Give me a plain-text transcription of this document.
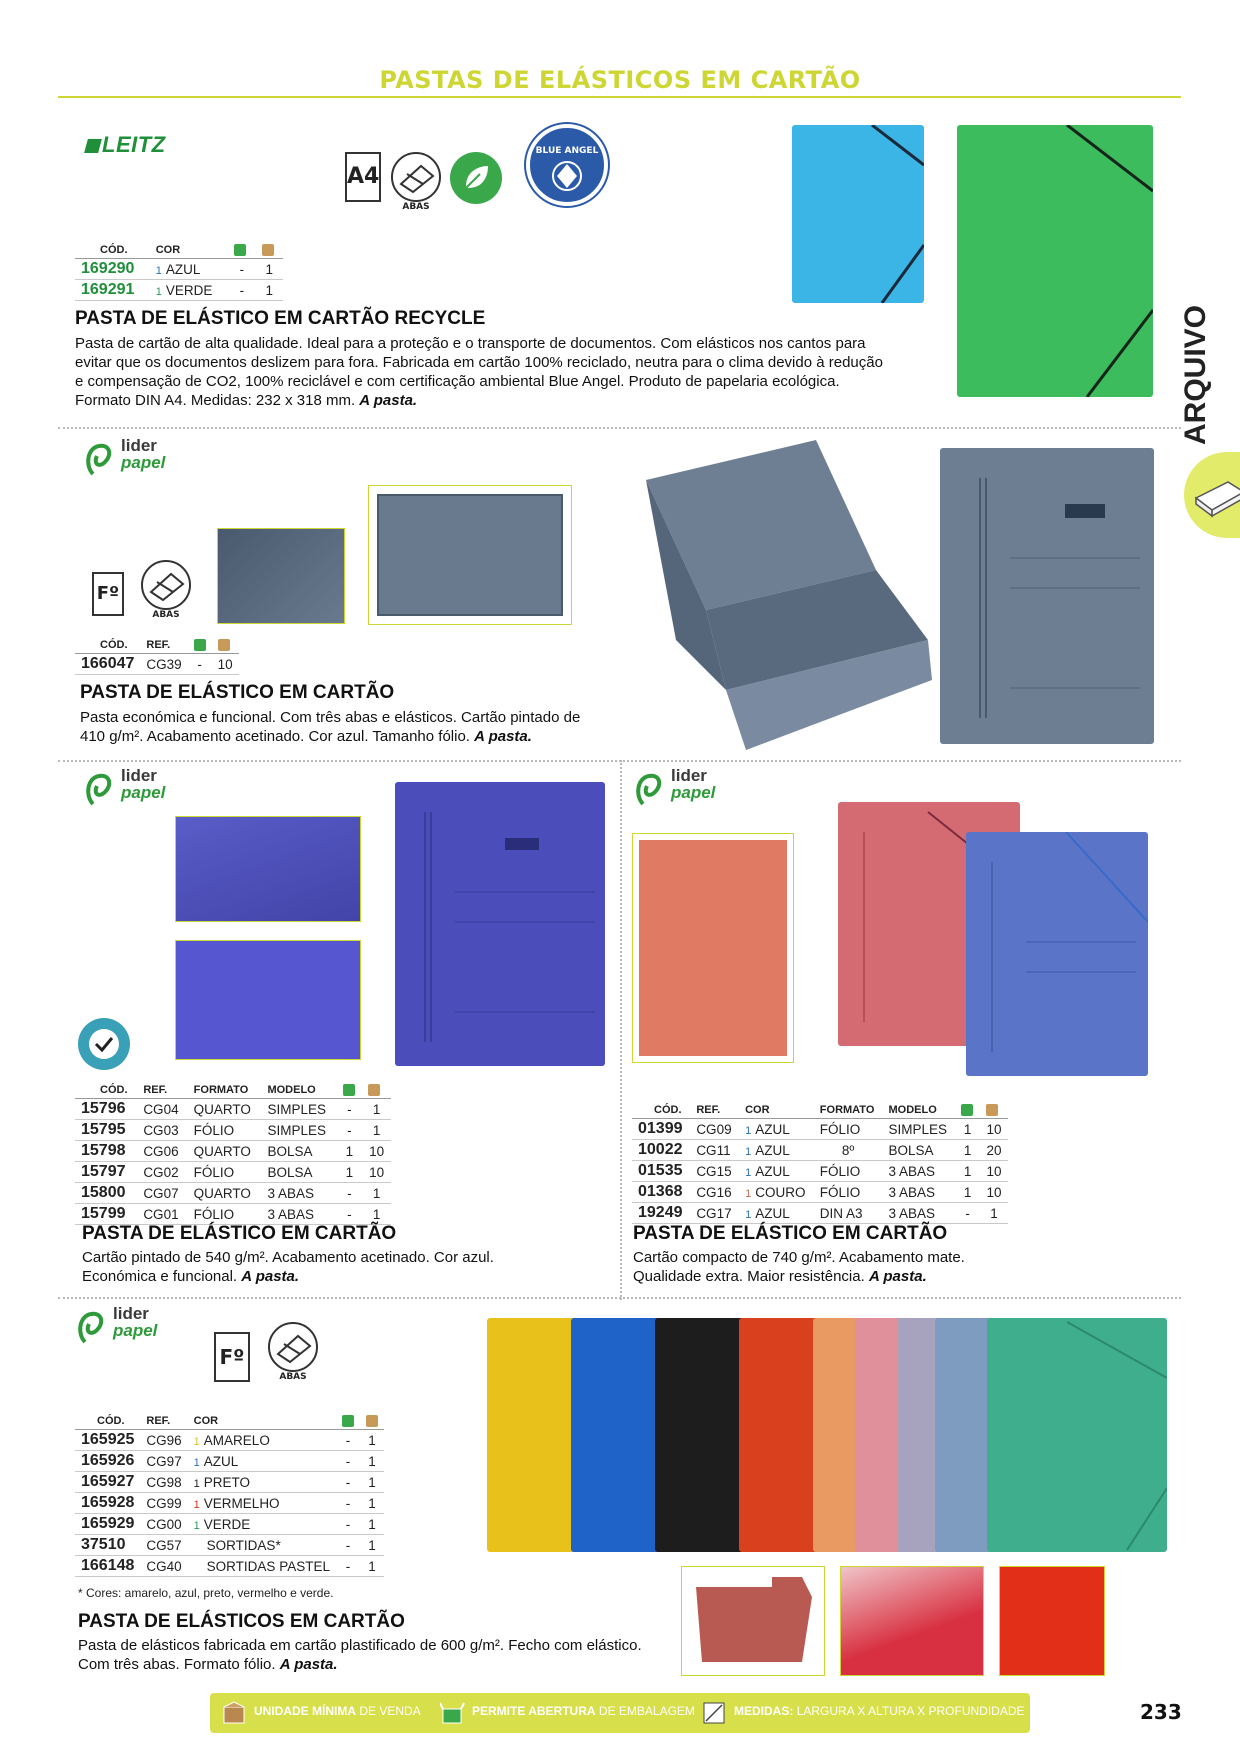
PASTAS DE ELÁSTICOS EM CARTÃO
ARQUIVO
LEITZ
A4
ABAS
BLUE ANGEL
CÓD.	COR		
169290	1 AZUL	-	1
169291	1 VERDE	-	1
PASTA DE ELÁSTICO EM CARTÃO RECYCLE
Pasta de cartão de alta qualidade. Ideal para a proteção e o transporte de documentos. Com elásticos nos cantos para
evitar que os documentos deslizem para fora. Fabricada em cartão 100% reciclado, neutra para o clima devido à redução
e compensação de CO2, 100% reciclável e com certificação ambiental Blue Angel. Produto de papelaria ecológica.
Formato DIN A4. Medidas: 232 x 318 mm. A pasta.
lider
papel
Fº
ABAS
CÓD.	REF.		
166047	CG39	-	10
PASTA DE ELÁSTICO EM CARTÃO
Pasta económica e funcional. Com três abas e elásticos. Cartão pintado de
410 g/m². Acabamento acetinado. Cor azul. Tamanho fólio. A pasta.
lider
papel
CÓD.	REF.	FORMATO	MODELO		
15796	CG04	QUARTO	SIMPLES	-	1
15795	CG03	FÓLIO	SIMPLES	-	1
15798	CG06	QUARTO	BOLSA	1	10
15797	CG02	FÓLIO	BOLSA	1	10
15800	CG07	QUARTO	3 ABAS	-	1
15799	CG01	FÓLIO	3 ABAS	-	1
PASTA DE ELÁSTICO EM CARTÃO
Cartão pintado de 540 g/m². Acabamento acetinado. Cor azul.
Económica e funcional. A pasta.
lider
papel
CÓD.	REF.	COR	FORMATO	MODELO		
01399	CG09	1 AZUL	FÓLIO	SIMPLES	1	10
10022	CG11	1 AZUL	8º	BOLSA	1	20
01535	CG15	1 AZUL	FÓLIO	3 ABAS	1	10
01368	CG16	1 COURO	FÓLIO	3 ABAS	1	10
19249	CG17	1 AZUL	DIN A3	3 ABAS	-	1
PASTA DE ELÁSTICO EM CARTÃO
Cartão compacto de 740 g/m². Acabamento mate.
Qualidade extra. Maior resistência. A pasta.
lider
papel
Fº
ABAS
CÓD.	REF.	COR		
165925	CG96	1 AMARELO	-	1
165926	CG97	1 AZUL	-	1
165927	CG98	1 PRETO	-	1
165928	CG99	1 VERMELHO	-	1
165929	CG00	1 VERDE	-	1
37510	CG57	SORTIDAS*	-	1
166148	CG40	SORTIDAS PASTEL	-	1
* Cores: amarelo, azul, preto, vermelho e verde.
PASTA DE ELÁSTICOS EM CARTÃO
Pasta de elásticos fabricada em cartão plastificado de 600 g/m². Fecho com elástico.
Com três abas. Formato fólio. A pasta.
UNIDADE MÍNIMA DE VENDA	PERMITE ABERTURA DE EMBALAGEM	MEDIDAS: LARGURA X ALTURA X PROFUNDIDADE	233
